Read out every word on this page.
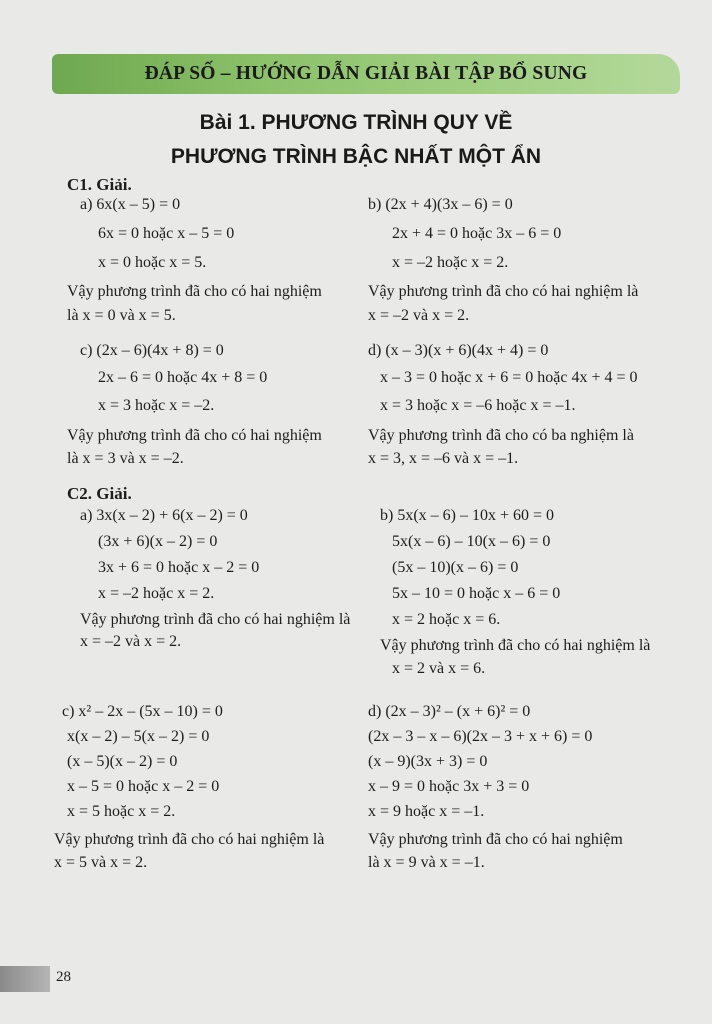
ĐÁP SỐ – HƯỚNG DẪN GIẢI BÀI TẬP BỔ SUNG
Bài 1. PHƯƠNG TRÌNH QUY VỀ
PHƯƠNG TRÌNH BẬC NHẤT MỘT ẨN
C1. Giải.
a) 6x(x – 5) = 0
6x = 0 hoặc x – 5 = 0
x = 0 hoặc x = 5.
Vậy phương trình đã cho có hai nghiệm
là x = 0 và x = 5.
b) (2x + 4)(3x – 6) = 0
2x + 4 = 0 hoặc 3x – 6 = 0
x = –2 hoặc x = 2.
Vậy phương trình đã cho có hai nghiệm là
x = –2 và x = 2.
c) (2x – 6)(4x + 8) = 0
2x – 6 = 0 hoặc 4x + 8 = 0
x = 3 hoặc x = –2.
Vậy phương trình đã cho có hai nghiệm
là x = 3 và x = –2.
d) (x – 3)(x + 6)(4x + 4) = 0
x – 3 = 0 hoặc x + 6 = 0 hoặc 4x + 4 = 0
x = 3 hoặc x = –6 hoặc x = –1.
Vậy phương trình đã cho có ba nghiệm là
x = 3, x = –6 và x = –1.
C2. Giải.
a) 3x(x – 2) + 6(x – 2) = 0
(3x + 6)(x – 2) = 0
3x + 6 = 0 hoặc x – 2 = 0
x = –2 hoặc x = 2.
Vậy phương trình đã cho có hai nghiệm là
x = –2 và x = 2.
b) 5x(x – 6) – 10x + 60 = 0
5x(x – 6) – 10(x – 6) = 0
(5x – 10)(x – 6) = 0
5x – 10 = 0 hoặc x – 6 = 0
x = 2 hoặc x = 6.
Vậy phương trình đã cho có hai nghiệm là
x = 2 và x = 6.
c) x² – 2x – (5x – 10) = 0
x(x – 2) – 5(x – 2) = 0
(x – 5)(x – 2) = 0
x – 5 = 0 hoặc x – 2 = 0
x = 5 hoặc x = 2.
Vậy phương trình đã cho có hai nghiệm là
x = 5 và x = 2.
d) (2x – 3)² – (x + 6)² = 0
(2x – 3 – x – 6)(2x – 3 + x + 6) = 0
(x – 9)(3x + 3) = 0
x – 9 = 0 hoặc 3x + 3 = 0
x = 9 hoặc x = –1.
Vậy phương trình đã cho có hai nghiệm
là x = 9 và x = –1.
28
